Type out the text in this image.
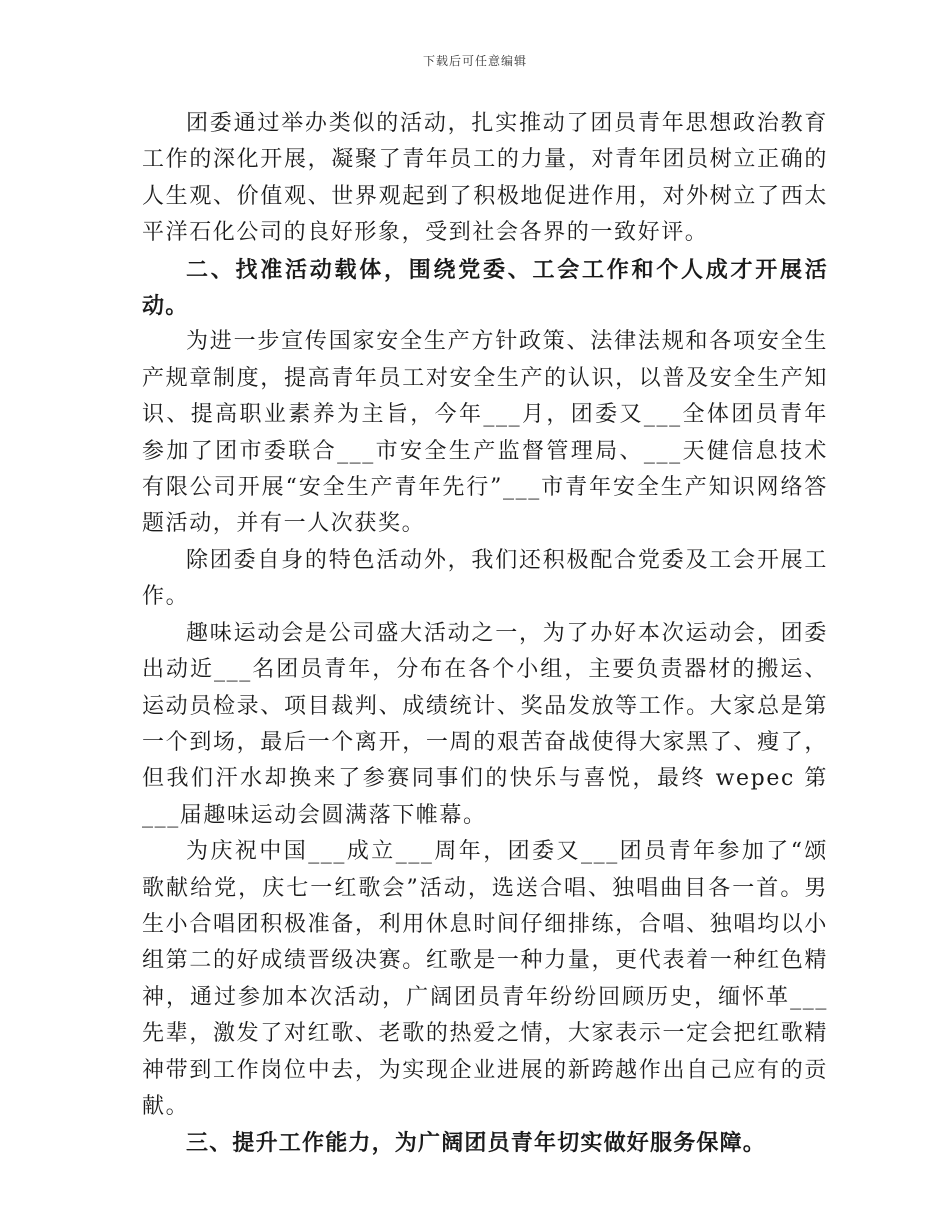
下载后可任意编辑

团委通过举办类似的活动，扎实推动了团员青年思想政治教育工作的深化开展，凝聚了青年员工的力量，对青年团员树立正确的人生观、价值观、世界观起到了积极地促进作用，对外树立了西太平洋石化公司的良好形象，受到社会各界的一致好评。

二、找准活动载体，围绕党委、工会工作和个人成才开展活动。

为进一步宣传国家安全生产方针政策、法律法规和各项安全生产规章制度，提高青年员工对安全生产的认识，以普及安全生产知识、提高职业素养为主旨，今年___月，团委又___全体团员青年参加了团市委联合___市安全生产监督管理局、___天健信息技术有限公司开展“安全生产青年先行”___市青年安全生产知识网络答题活动，并有一人次获奖。

除团委自身的特色活动外，我们还积极配合党委及工会开展工作。

趣味运动会是公司盛大活动之一，为了办好本次运动会，团委出动近___名团员青年，分布在各个小组，主要负责器材的搬运、运动员检录、项目裁判、成绩统计、奖品发放等工作。大家总是第一个到场，最后一个离开，一周的艰苦奋战使得大家黑了、瘦了，但我们汗水却换来了参赛同事们的快乐与喜悦，最终 wepec 第___届趣味运动会圆满落下帷幕。

为庆祝中国___成立___周年，团委又___团员青年参加了“颂歌献给党，庆七一红歌会”活动，选送合唱、独唱曲目各一首。男生小合唱团积极准备，利用休息时间仔细排练，合唱、独唱均以小组第二的好成绩晋级决赛。红歌是一种力量，更代表着一种红色精神，通过参加本次活动，广阔团员青年纷纷回顾历史，缅怀革___先辈，激发了对红歌、老歌的热爱之情，大家表示一定会把红歌精神带到工作岗位中去，为实现企业进展的新跨越作出自己应有的贡献。

三、提升工作能力，为广阔团员青年切实做好服务保障。
